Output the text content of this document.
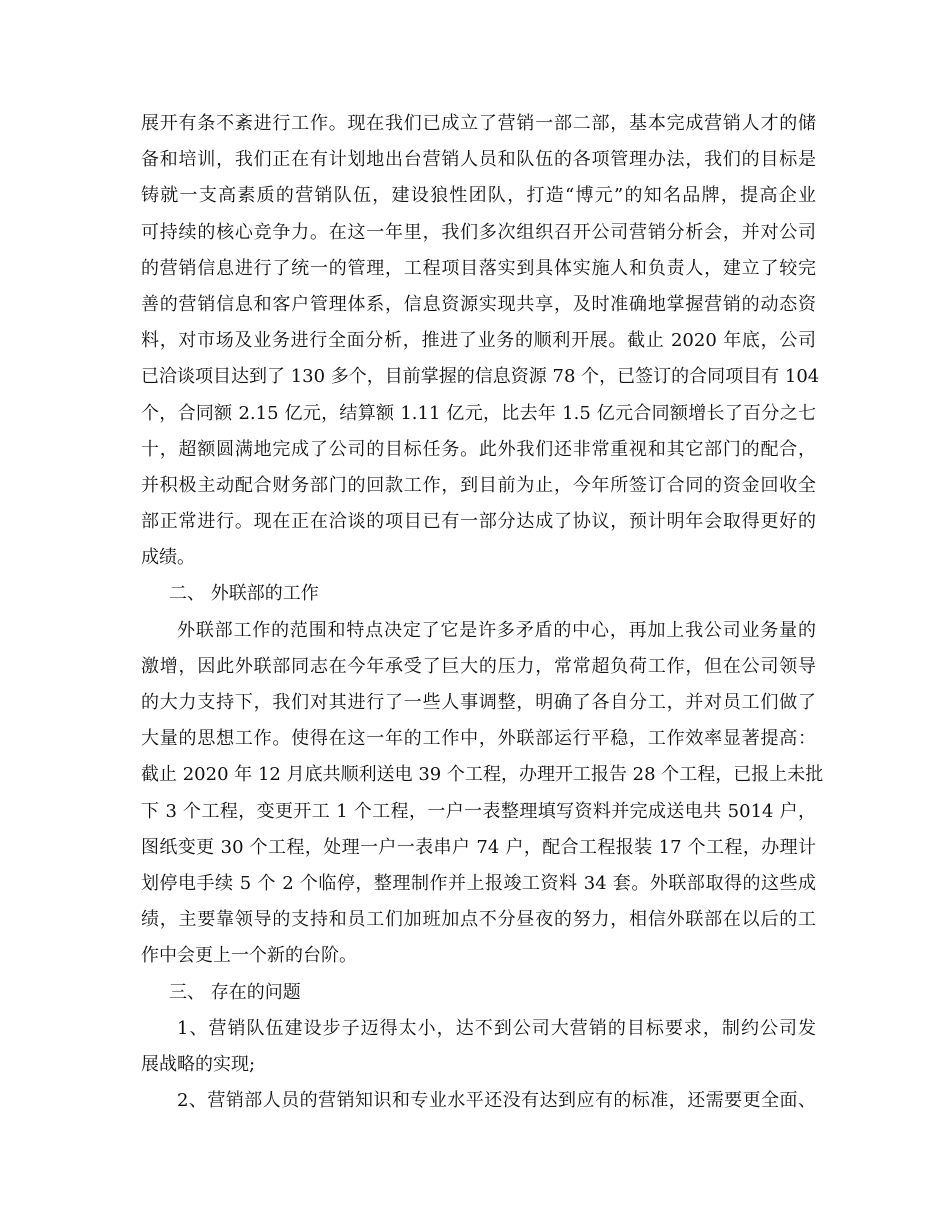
展开有条不紊进行工作。现在我们已成立了营销一部二部，基本完成营销人才的储
备和培训，我们正在有计划地出台营销人员和队伍的各项管理办法，我们的目标是
铸就一支高素质的营销队伍，建设狼性团队，打造“博元”的知名品牌，提高企业
可持续的核心竞争力。在这一年里，我们多次组织召开公司营销分析会，并对公司
的营销信息进行了统一的管理，工程项目落实到具体实施人和负责人，建立了较完
善的营销信息和客户管理体系，信息资源实现共享，及时准确地掌握营销的动态资
料，对市场及业务进行全面分析，推进了业务的顺利开展。截止 2020 年底，公司
已洽谈项目达到了 130 多个，目前掌握的信息资源 78 个，已签订的合同项目有 104
个，合同额 2.15 亿元，结算额 1.11 亿元，比去年 1.5 亿元合同额增长了百分之七
十，超额圆满地完成了公司的目标任务。此外我们还非常重视和其它部门的配合，
并积极主动配合财务部门的回款工作，到目前为止，今年所签订合同的资金回收全
部正常进行。现在正在洽谈的项目已有一部分达成了协议，预计明年会取得更好的
成绩。
二、 外联部的工作
外联部工作的范围和特点决定了它是许多矛盾的中心，再加上我公司业务量的
激增，因此外联部同志在今年承受了巨大的压力，常常超负荷工作，但在公司领导
的大力支持下，我们对其进行了一些人事调整，明确了各自分工，并对员工们做了
大量的思想工作。使得在这一年的工作中，外联部运行平稳，工作效率显著提高：
截止 2020 年 12 月底共顺利送电 39 个工程，办理开工报告 28 个工程，已报上未批
下 3 个工程，变更开工 1 个工程，一户一表整理填写资料并完成送电共 5014 户，
图纸变更 30 个工程，处理一户一表串户 74 户，配合工程报装 17 个工程，办理计
划停电手续 5 个 2 个临停，整理制作并上报竣工资料 34 套。外联部取得的这些成
绩，主要靠领导的支持和员工们加班加点不分昼夜的努力，相信外联部在以后的工
作中会更上一个新的台阶。
三、 存在的问题
1、营销队伍建设步子迈得太小，达不到公司大营销的目标要求，制约公司发
展战略的实现;
2、营销部人员的营销知识和专业水平还没有达到应有的标准，还需要更全面、
